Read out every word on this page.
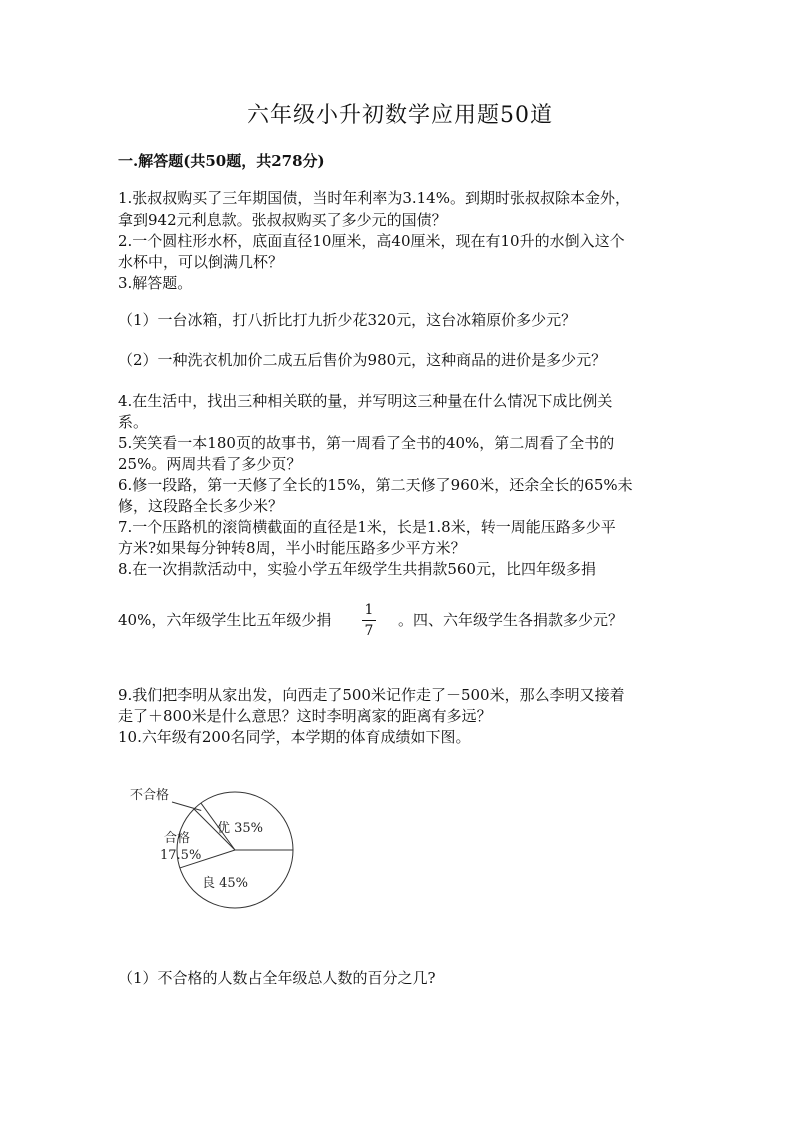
六年级小升初数学应用题50道
一.解答题(共50题，共278分)
1.张叔叔购买了三年期国债，当时年利率为3.14%。到期时张叔叔除本金外，
拿到942元利息款。张叔叔购买了多少元的国债？
2.一个圆柱形水杯，底面直径10厘米，高40厘米，现在有10升的水倒入这个
水杯中，可以倒满几杯？
3.解答题。
（1）一台冰箱，打八折比打九折少花320元，这台冰箱原价多少元？
（2）一种洗衣机加价二成五后售价为980元，这种商品的进价是多少元？
4.在生活中，找出三种相关联的量，并写明这三种量在什么情况下成比例关
系。
5.笑笑看一本180页的故事书，第一周看了全书的40%，第二周看了全书的
25%。两周共看了多少页？
6.修一段路，第一天修了全长的15%，第二天修了960米，还余全长的65%未
修，这段路全长多少米？
7.一个压路机的滚筒横截面的直径是1米，长是1.8米，转一周能压路多少平
方米?如果每分钟转8周，半小时能压路多少平方米？
8.在一次捐款活动中，实验小学五年级学生共捐款560元，比四年级多捐
40%，六年级学生比五年级少捐
1
7
。四、六年级学生各捐款多少元？
9.我们把李明从家出发，向西走了500米记作走了－500米，那么李明又接着
走了＋800米是什么意思？这时李明离家的距离有多远？
10.六年级有200名同学，本学期的体育成绩如下图。
优 35%
良 45%
合格
17.5%
不合格
（1）不合格的人数占全年级总人数的百分之几?
